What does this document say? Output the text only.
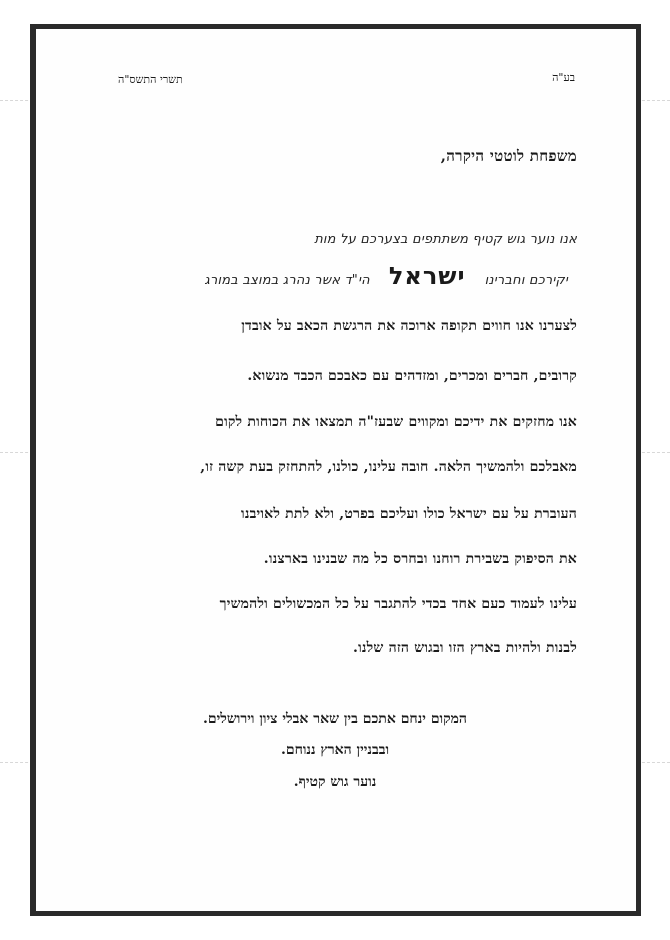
בע"ה
תשרי התשס"ה
משפחת לוטטי היקרה,
אנו נוער גוש קטיף משתתפים בצערכם על מות
יקירכם וחברינו ישראל הי"ד אשר נהרג במוצב במורג
לצערנו אנו חווים תקופה ארוכה את הרגשת הכאב על אובדן
קרובים, חברים ומכרים, ומזדהים עם כאבכם הכבד מנשוא.
אנו מחזקים את ידיכם ומקווים שבעז"ה תמצאו את הכוחות לקום
מאבלכם ולהמשיך הלאה. חובה עלינו, כולנו, להתחזק בעת קשה זו,
העוברת על עם ישראל כולו ועליכם בפרט, ולא לתת לאויבנו
את הסיפוק בשבירת רוחנו ובחרס כל מה שבנינו בארצנו.
עלינו לעמוד כעם אחד בכדי להתגבר על כל המכשולים ולהמשיך
לבנות ולהיות בארץ הזו ובגוש הזה שלנו.
המקום ינחם אתכם בין שאר אבלי ציון וירושלים.
ובבניין הארץ ננוחם.
נוער גוש קטיף.
